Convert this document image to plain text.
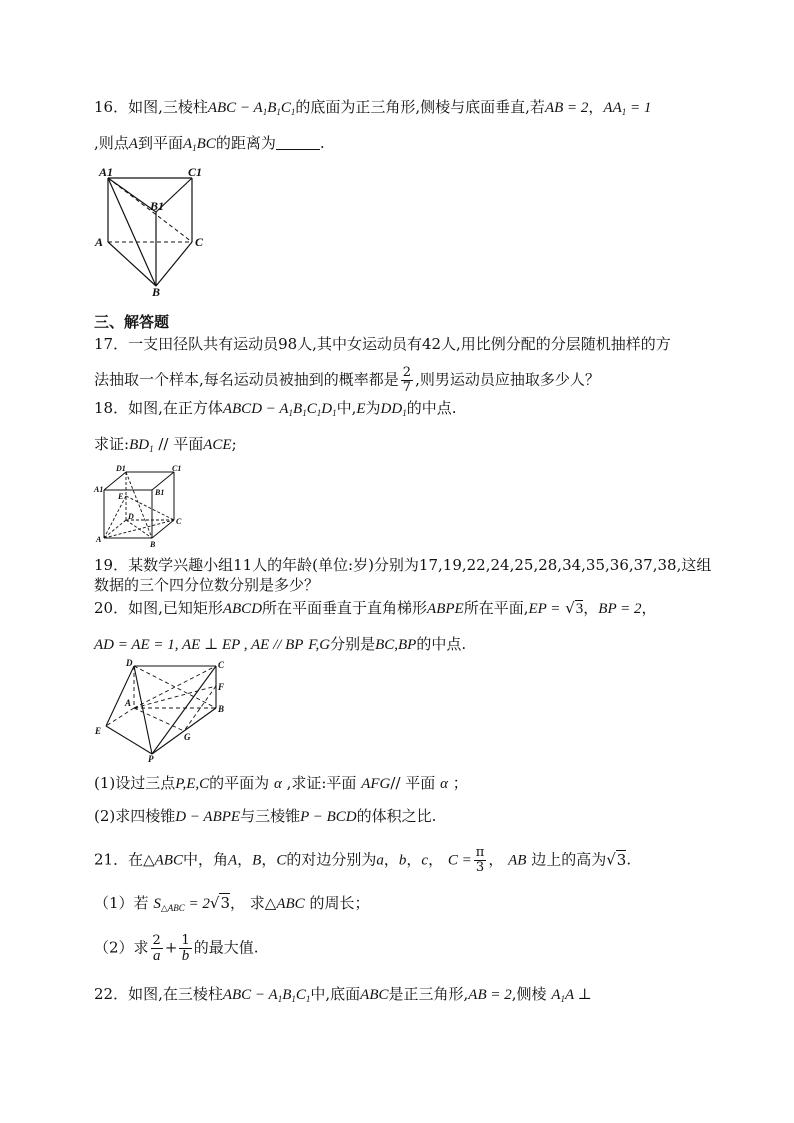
16．如图,三棱柱ABC − $A_1B_1C_1$的底面为正三角形,侧棱与底面垂直,若AB = 2，$AA_1 = 1$
,则点A到平面$A_1BC$的距离为	.
A1	C1
B1
A	C
B
三、解答题
17．一支田径队共有运动员98人,其中女运动员有42人,用比例分配的分层随机抽样的方
法抽取一个样本,每名运动员被抽到的概率都是 $\frac{2}{7}$ ,则男运动员应抽取多少人？
18．如图,在正方体ABCD − $A_1B_1C_1D_1$中,E为$DD_1$的中点.
求证$:BD_1$ // 平面ACE;
D1	C1
A1	B1
E
D
A
B
C
19．某数学兴趣小组11人的年龄(单位:岁)分别为17,19,22,24,25,28,34,35,36,37,38,这组
数据的三个四分位数分别是多少？
20．如图,已知矩形ABCD所在平面垂直于直角梯形ABPE所在平面,EP = √3，BP = 2，
AD = AE = 1, AE ⊥ EP , AE // BP F,G分别是BC,BP的中点.
D	C
F
A
B
E
G
P
(1)设过三点P,E,C的平面为 α ,求证:平面 AFG// 平面 α ；
(2)求四棱锥D − ABPE与三棱锥P − BCD的体积之比.
21．在△ABC中，角A，B，C的对边分别为a，b，c， $C = \frac{\pi}{3}$ ， AB 边上的高为√3.
（1）若 $S_{\triangle ABC} = 2√3$， 求△ABC 的周长；
（2）求 $\frac{2}{a} + \frac{1}{b}$ 的最大值.
22．如图,在三棱柱ABC − $A_1B_1C_1$中,底面ABC是正三角形,AB = 2,侧棱 $A_1A$ ⊥
